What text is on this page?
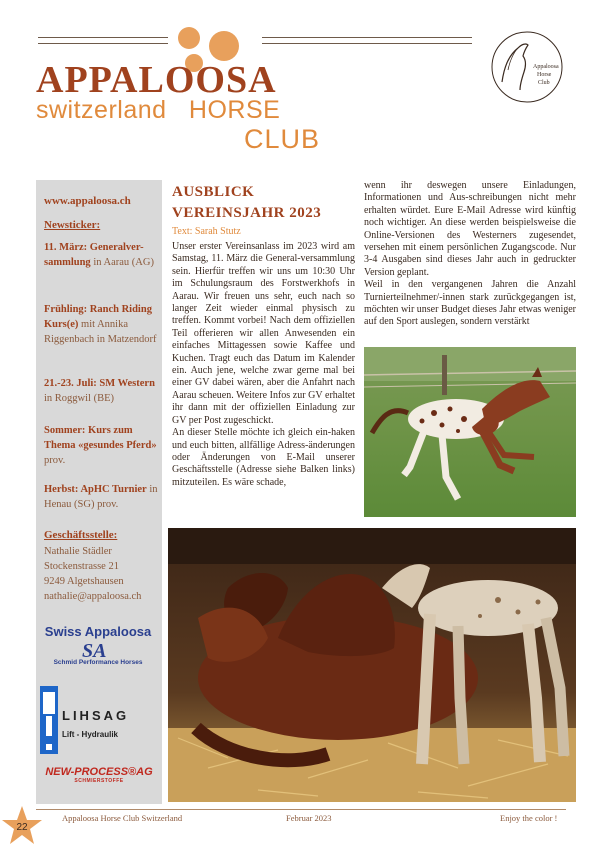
APPALOOSA
switzerland HORSE
CLUB
Appaloosa
Horse
Club
www.appaloosa.ch
Newsticker:
11. März: Generalver-sammlung in Aarau (AG)
Frühling: Ranch Riding Kurs(e) mit Annika Riggenbach in Matzendorf
21.-23. Juli: SM Western in Roggwil (BE)
Sommer: Kurs zum Thema «gesundes Pferd» prov.
Herbst: ApHC Turnier in Henau (SG) prov.
Geschäftsstelle:
Nathalie Städler
Stockenstrasse 21
9249 Algetshausen
nathalie@appaloosa.ch
Swiss Appaloosa
SA
Schmid Performance Horses
LIHSAG
Lift - Hydraulik
NEW-PROCESS®AG
SCHMIERSTOFFE
AUSBLICK
VEREINSJAHR 2023
Text: Sarah Stutz

Unser erster Vereinsanlass im 2023 wird am Samstag, 11. März die General-versammlung sein. Hierfür treffen wir uns um 10:30 Uhr im Schulungsraum des Forstwerkhofs in Aarau. Wir freuen uns sehr, euch nach so langer Zeit wieder einmal physisch zu treffen. Kommt vorbei! Nach dem offiziellen Teil offerieren wir allen Anwesenden ein einfaches Mittagessen sowie Kaffee und Kuchen. Tragt euch das Datum im Kalender ein. Auch jene, welche zwar gerne mal bei einer GV dabei wären, aber die Anfahrt nach Aarau scheuen. Weitere Infos zur GV erhaltet ihr dann mit der offiziellen Einladung zur GV per Post zugeschickt.

An dieser Stelle möchte ich gleich ein-haken und euch bitten, allfällige Adress-änderungen oder Änderungen von E-Mail unserer Geschäftsstelle (Adresse siehe Balken links) mitzuteilen. Es wäre schade,

wenn ihr deswegen unsere Einladungen, Informationen und Aus-schreibungen nicht mehr erhalten würdet. Eure E-Mail Adresse wird künftig noch wichtiger. An diese werden beispielsweise die Online-Versionen des Westerners zugesendet, versehen mit einem persönlichen Zugangscode. Nur 3-4 Ausgaben sind dieses Jahr auch in gedruckter Version geplant.

Weil in den vergangenen Jahren die Anzahl Turnierteilnehmer/-innen stark zurückgegangen ist, möchten wir unser Budget dieses Jahr etwas weniger auf den Sport auslegen, sondern verstärkt

22
Appaloosa Horse Club Switzerland	Februar 2023	Enjoy the color !
